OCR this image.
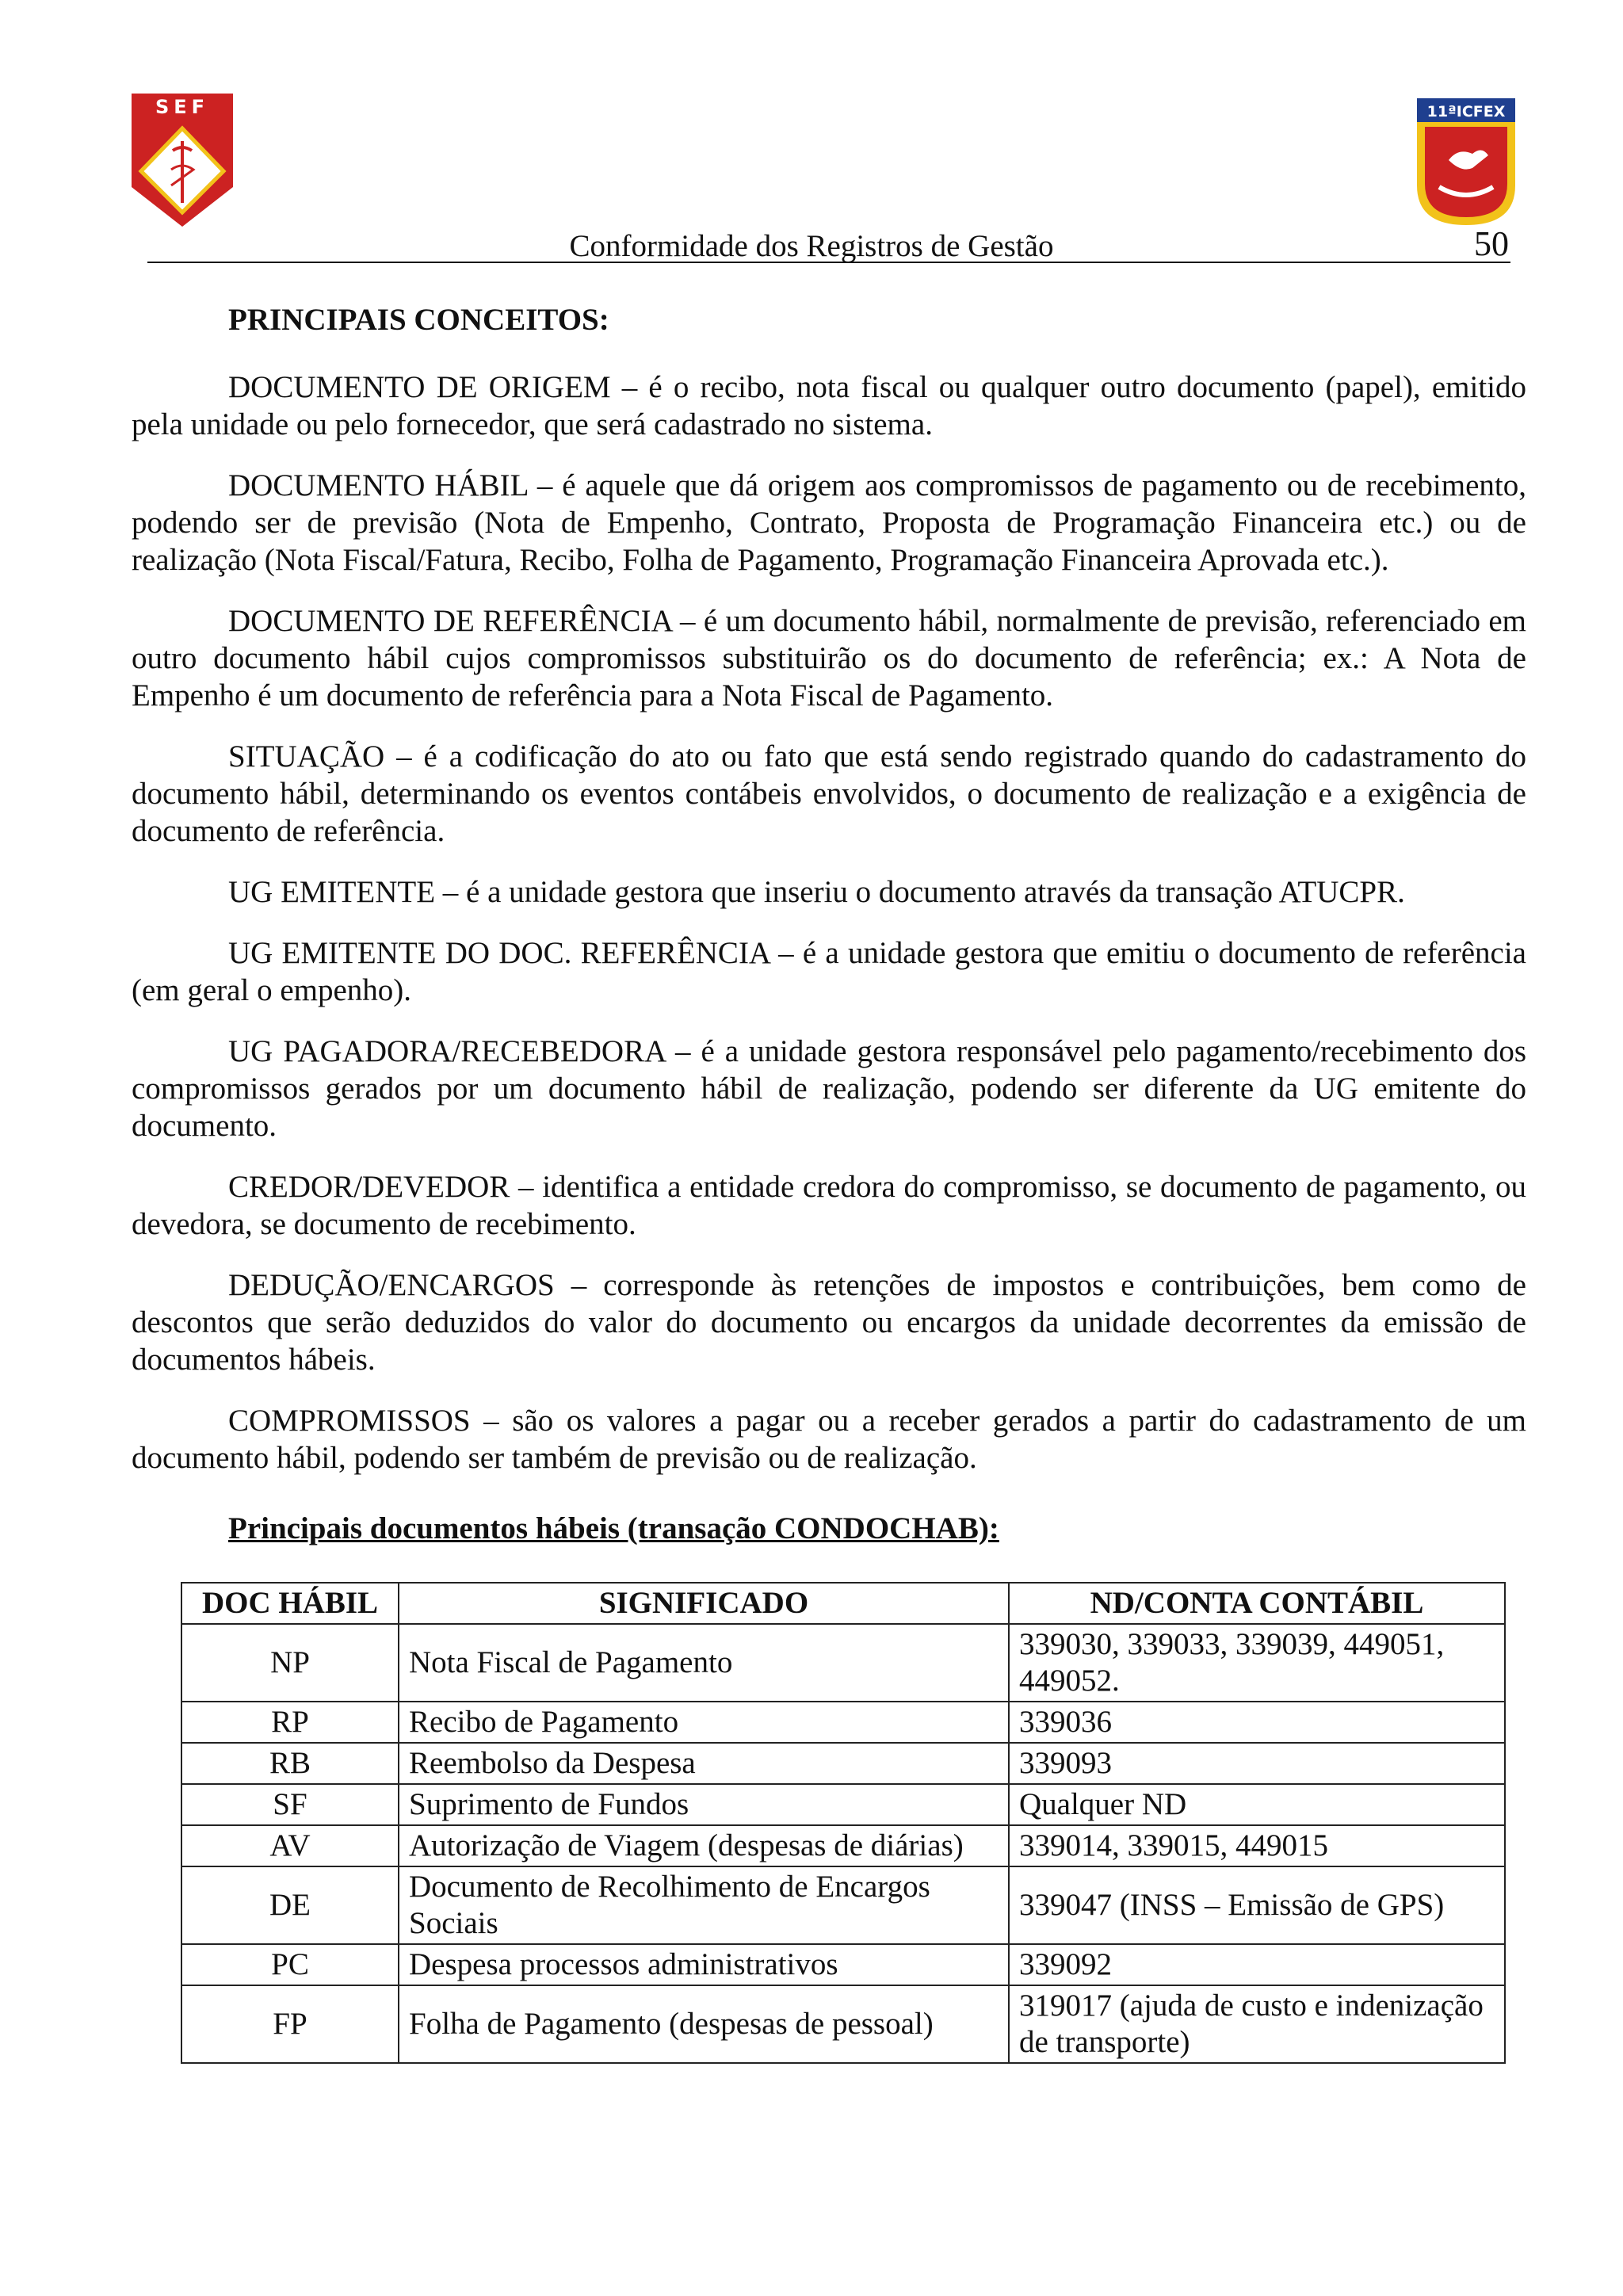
SEF	11ªICFEX
Conformidade dos Registros de Gestão	50
PRINCIPAIS CONCEITOS:

DOCUMENTO DE ORIGEM – é o recibo, nota fiscal ou qualquer outro documento (papel), emitido pela unidade ou pelo fornecedor, que será cadastrado no sistema.

DOCUMENTO HÁBIL – é aquele que dá origem aos compromissos de pagamento ou de recebimento, podendo ser de previsão (Nota de Empenho, Contrato, Proposta de Programação Financeira etc.) ou de realização (Nota Fiscal/Fatura, Recibo, Folha de Pagamento, Programação Financeira Aprovada etc.).

DOCUMENTO DE REFERÊNCIA – é um documento hábil, normalmente de previsão, referenciado em outro documento hábil cujos compromissos substituirão os do documento de referência; ex.: A Nota de Empenho é um documento de referência para a Nota Fiscal de Pagamento.

SITUAÇÃO – é a codificação do ato ou fato que está sendo registrado quando do cadastramento do documento hábil, determinando os eventos contábeis envolvidos, o documento de realização e a exigência de documento de referência.

UG EMITENTE – é a unidade gestora que inseriu o documento através da transação ATUCPR.

UG EMITENTE DO DOC. REFERÊNCIA – é a unidade gestora que emitiu o documento de referência (em geral o empenho).

UG PAGADORA/RECEBEDORA – é a unidade gestora responsável pelo pagamento/recebimento dos compromissos gerados por um documento hábil de realização, podendo ser diferente da UG emitente do documento.

CREDOR/DEVEDOR – identifica a entidade credora do compromisso, se documento de pagamento, ou devedora, se documento de recebimento.

DEDUÇÃO/ENCARGOS – corresponde às retenções de impostos e contribuições, bem como de descontos que serão deduzidos do valor do documento ou encargos da unidade decorrentes da emissão de documentos hábeis.

COMPROMISSOS – são os valores a pagar ou a receber gerados a partir do cadastramento de um documento hábil, podendo ser também de previsão ou de realização.

Principais documentos hábeis (transação CONDOCHAB):
DOC HÁBIL	SIGNIFICADO	ND/CONTA CONTÁBIL
NP	Nota Fiscal de Pagamento	339030, 339033, 339039, 449051, 449052.
RP	Recibo de Pagamento	339036
RB	Reembolso da Despesa	339093
SF	Suprimento de Fundos	Qualquer ND
AV	Autorização de Viagem (despesas de diárias)	339014, 339015, 449015
DE	Documento de Recolhimento de Encargos Sociais	339047 (INSS – Emissão de GPS)
PC	Despesa processos administrativos	339092
FP	Folha de Pagamento (despesas de pessoal)	319017 (ajuda de custo e indenização de transporte)
